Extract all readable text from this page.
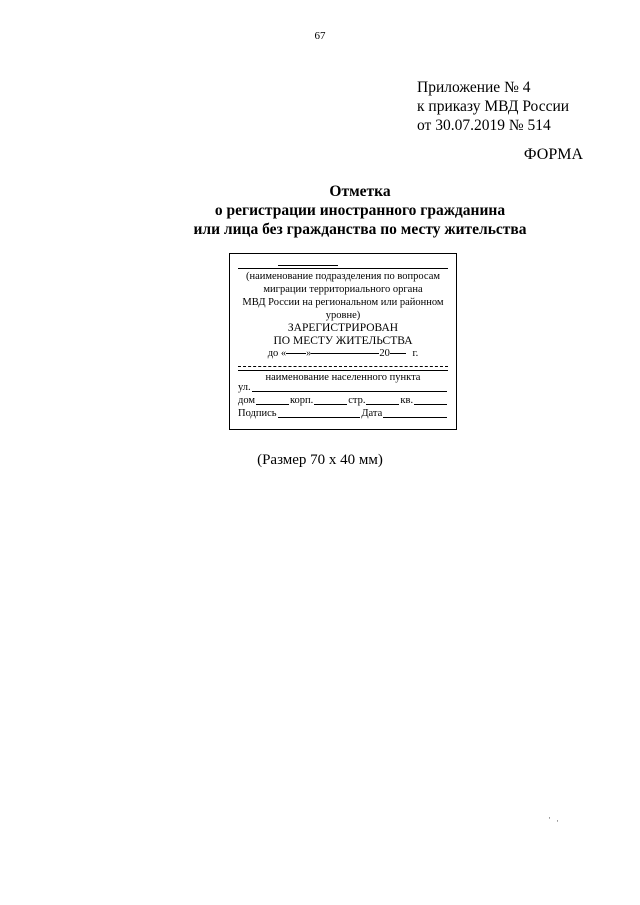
67
Приложение № 4
к приказу МВД России
от 30.07.2019 № 514
ФОРМА
Отметка
о регистрации иностранного гражданина
или лица без гражданства по месту жительства
(наименование подразделения по вопросам
миграции территориального органа
МВД России на региональном или районном
уровне)
ЗАРЕГИСТРИРОВАН
ПО МЕСТУ ЖИТЕЛЬСТВА
до « »	20 г.
наименование населенного пункта
ул.
дом	корп.	стр.	кв.
Подпись	Дата
(Размер 70 х 40 мм)
· ·
